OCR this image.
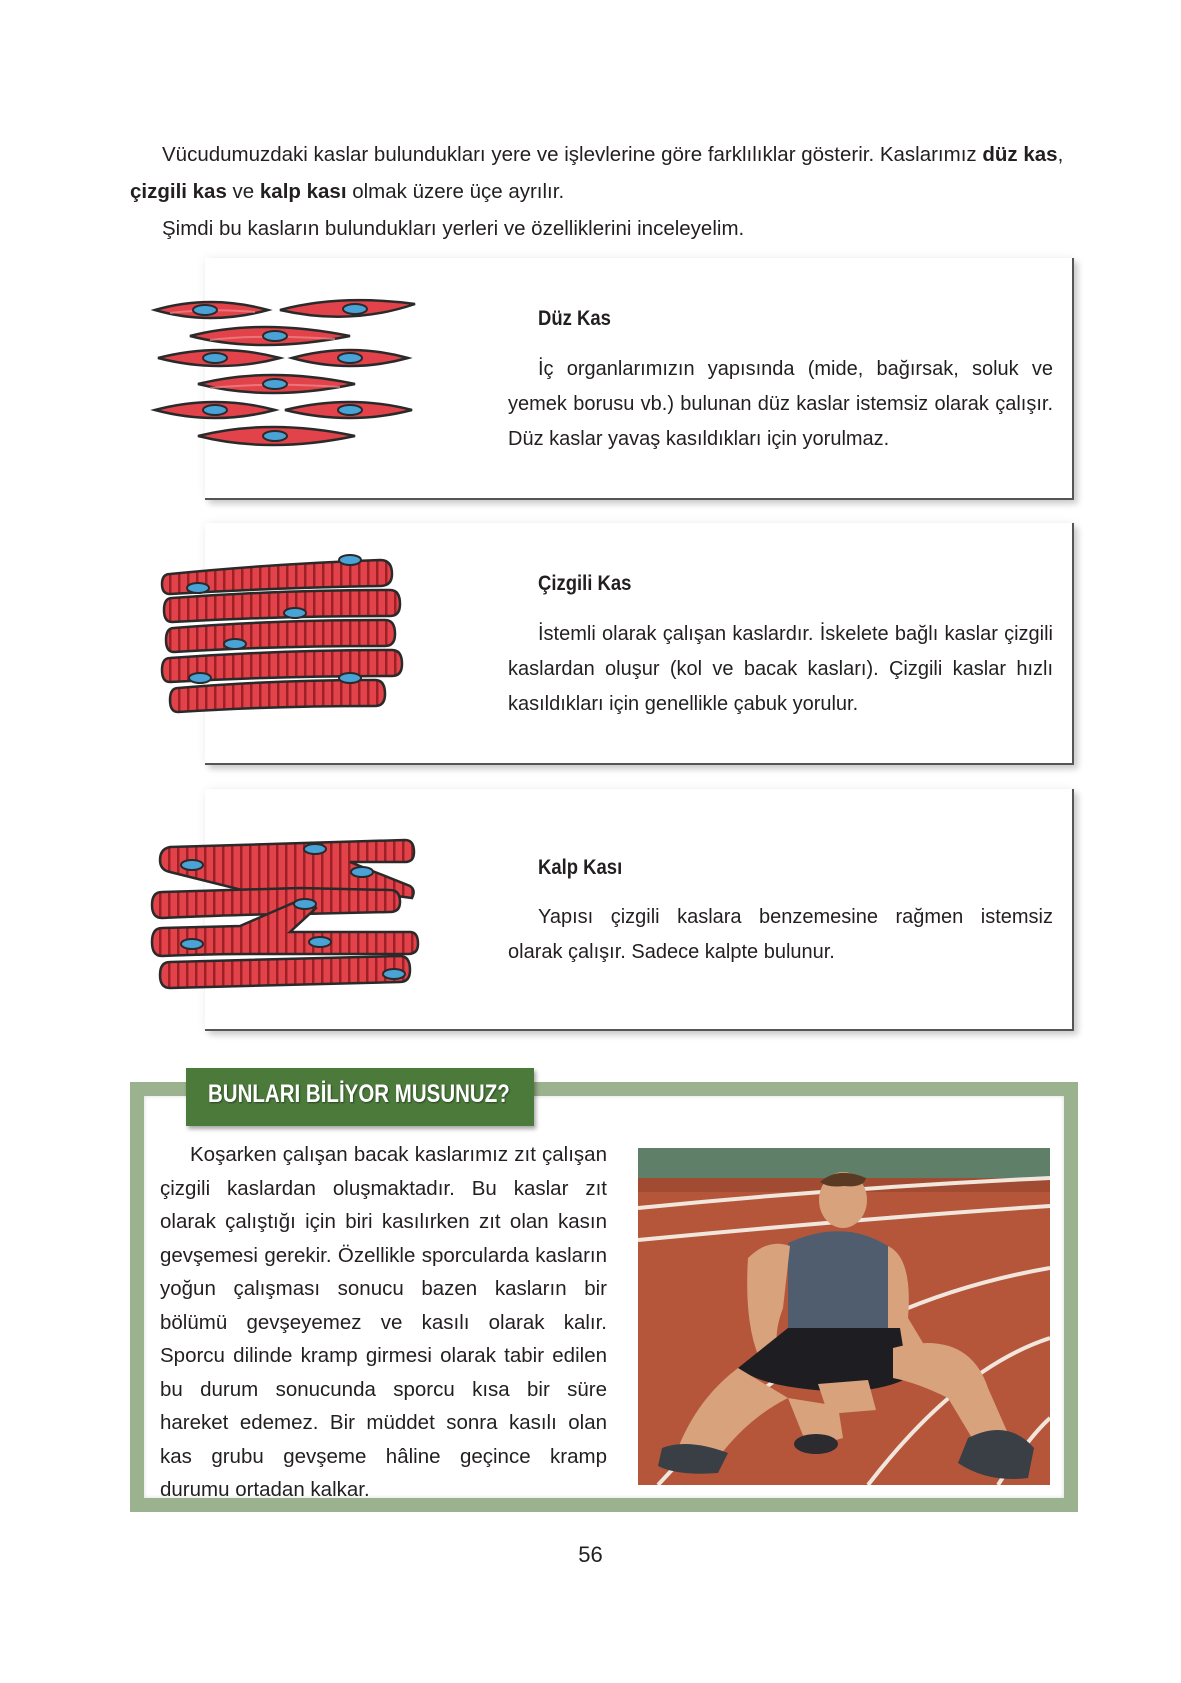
Vücudumuzdaki kaslar bulundukları yere ve işlevlerine göre farklılıklar gösterir. Kaslarımız düz kas, çizgili kas ve kalp kası olmak üzere üçe ayrılır.

Şimdi bu kasların bulundukları yerleri ve özelliklerini inceleyelim.

Düz Kas

İç organlarımızın yapısında (mide, bağırsak, soluk ve yemek borusu vb.) bulunan düz kaslar istemsiz olarak çalışır. Düz kaslar yavaş kasıldıkları için yorulmaz.

Çizgili Kas

İstemli olarak çalışan kaslardır. İskelete bağlı kaslar çizgili kaslardan oluşur (kol ve bacak kasları). Çizgili kaslar hızlı kasıldıkları için genellikle çabuk yorulur.

Kalp Kası

Yapısı çizgili kaslara benzemesine rağmen istemsiz olarak çalışır. Sadece kalpte bulunur.

BUNLARI BİLİYOR MUSUNUZ?

Koşarken çalışan bacak kaslarımız zıt çalışan çizgili kaslardan oluşmaktadır. Bu kaslar zıt olarak çalıştığı için biri kasılırken zıt olan kasın gevşemesi gerekir. Özellikle sporcularda kasların yoğun çalışması sonucu bazen kasların bir bölümü gevşeyemez ve kasılı olarak kalır. Sporcu dilinde kramp girmesi olarak tabir edilen bu durum sonucunda sporcu kısa bir süre hareket edemez. Bir müddet sonra kasılı olan kas grubu gevşeme hâline geçince kramp durumu ortadan kalkar.

56
